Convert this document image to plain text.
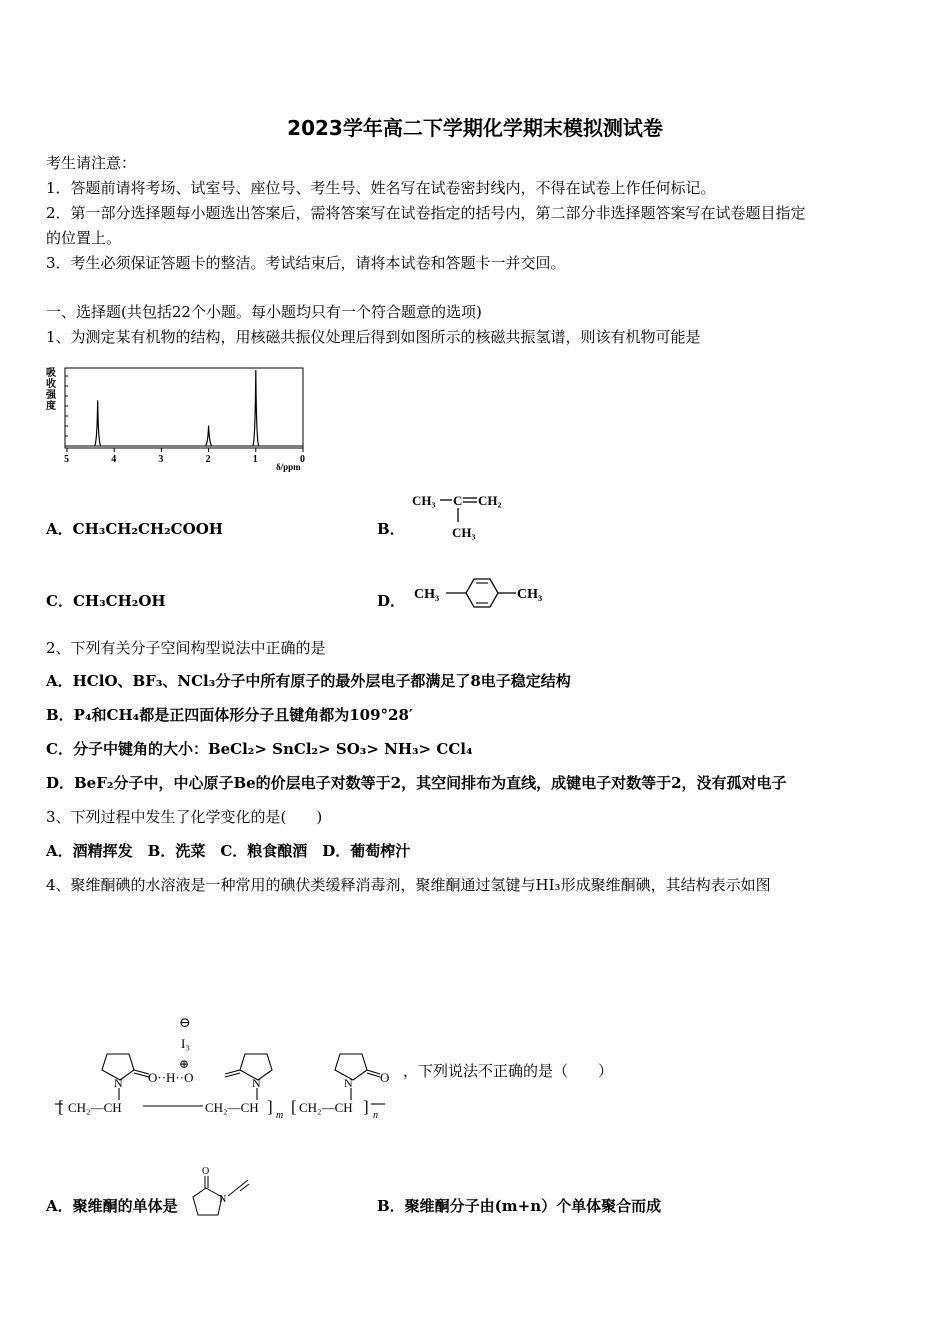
2023学年高二下学期化学期末模拟测试卷
考生请注意：
1．答题前请将考场、试室号、座位号、考生号、姓名写在试卷密封线内，不得在试卷上作任何标记。
2．第一部分选择题每小题选出答案后，需将答案写在试卷指定的括号内，第二部分非选择题答案写在试卷题目指定
的位置上。
3．考生必须保证答题卡的整洁。考试结束后，请将本试卷和答题卡一并交回。
一、选择题(共包括22个小题。每小题均只有一个符合题意的选项)
1、为测定某有机物的结构，用核磁共振仪处理后得到如图所示的核磁共振氢谱，则该有机物可能是
吸
收
强
度
5	4	3	2	1	0
δ/ppm
A．CH₃CH₂CH₂COOH	B．
CH₃ C CH₂
CH₃
C．CH₃CH₂OH	D． CH₃	CH₃
2、下列有关分子空间构型说法中正确的是
A．HClO、BF₃、NCl₃分子中所有原子的最外层电子都满足了8电子稳定结构
B．P₄和CH₄都是正四面体形分子且键角都为109°28′
C．分子中键角的大小：BeCl₂> SnCl₂> SO₃> NH₃> CCl₄
D．BeF₂分子中，中心原子Be的价层电子对数等于2，其空间排布为直线，成键电子对数等于2，没有孤对电子
3、下列过程中发生了化学变化的是(　　)
A．酒精挥发　B．洗菜　C．粮食酿酒　D．葡萄榨汁
4、聚维酮碘的水溶液是一种常用的碘伏类缓释消毒剂，聚维酮通过氢键与HI₃形成聚维酮碘，其结构表示如图
⊖
I₃
⊕
N O··H··O	N	O
N
[ CH₂—CH	CH₂—CH ] m [ CH₂—CH ] n
，下列说法不正确的是（　　）
A．聚维酮的单体是
O
N	B．聚维酮分子由(m+n）个单体聚合而成
